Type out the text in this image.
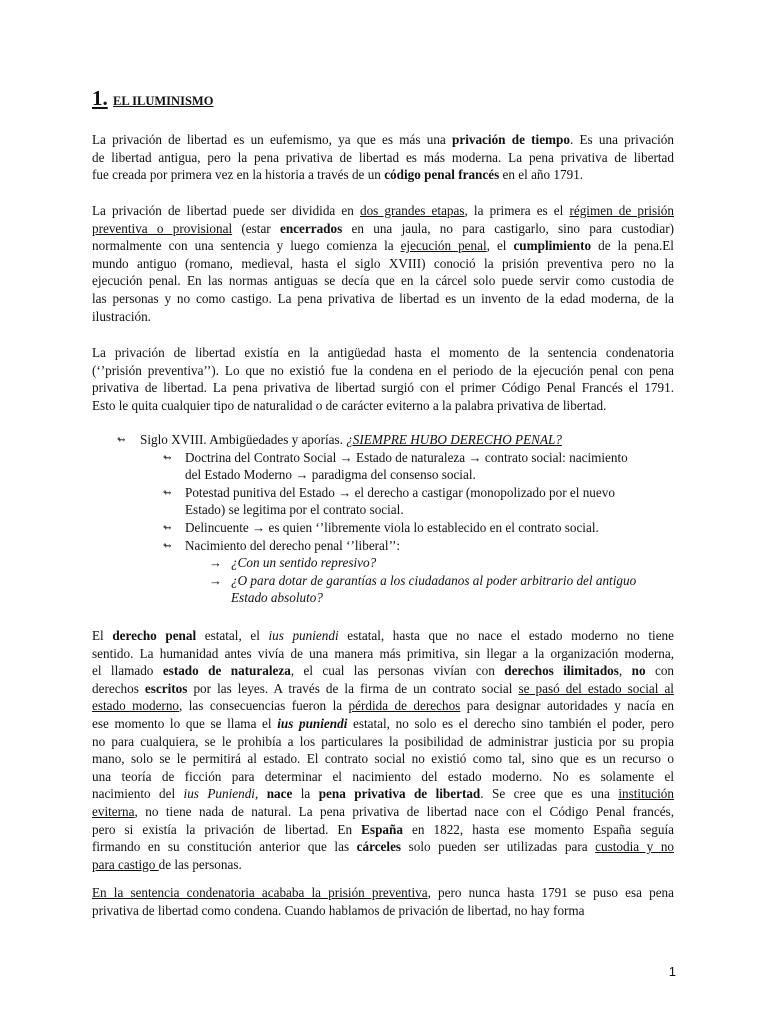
1. EL ILUMINISMO
La privación de libertad es un eufemismo, ya que es más una privación de tiempo. Es una privación
de libertad antigua, pero la pena privativa de libertad es más moderna. La pena privativa de libertad
fue creada por primera vez en la historia a través de un código penal francés en el año 1791.
La privación de libertad puede ser dividida en dos grandes etapas, la primera es el régimen de prisión
preventiva o provisional (estar encerrados en una jaula, no para castigarlo, sino para custodiar)
normalmente con una sentencia y luego comienza la ejecución penal, el cumplimiento de la pena.El
mundo antiguo (romano, medieval, hasta el siglo XVIII) conoció la prisión preventiva pero no la
ejecución penal. En las normas antiguas se decía que en la cárcel solo puede servir como custodia de
las personas y no como castigo. La pena privativa de libertad es un invento de la edad moderna, de la
ilustración.
La privación de libertad existía en la antigüedad hasta el momento de la sentencia condenatoria
(‘’prisión preventiva’’). Lo que no existió fue la condena en el periodo de la ejecución penal con pena
privativa de libertad. La pena privativa de libertad surgió con el primer Código Penal Francés el 1791.
Esto le quita cualquier tipo de naturalidad o de carácter eviterno a la palabra privativa de libertad.
↬ Siglo XVIII. Ambigüedades y aporías. ¿SIEMPRE HUBO DERECHO PENAL?
↬ Doctrina del Contrato Social → Estado de naturaleza → contrato social: nacimiento
del Estado Moderno → paradigma del consenso social.
↬ Potestad punitiva del Estado → el derecho a castigar (monopolizado por el nuevo
Estado) se legitima por el contrato social.
↬ Delincuente → es quien ‘’libremente viola lo establecido en el contrato social.
↬ Nacimiento del derecho penal ‘’liberal’’:
→ ¿Con un sentido represivo?
→ ¿O para dotar de garantías a los ciudadanos al poder arbitrario del antiguo
Estado absoluto?
El derecho penal estatal, el ius puniendi estatal, hasta que no nace el estado moderno no tiene
sentido. La humanidad antes vivía de una manera más primitiva, sin llegar a la organización moderna,
el llamado estado de naturaleza, el cual las personas vivían con derechos ilimitados, no con
derechos escritos por las leyes. A través de la firma de un contrato social se pasó del estado social al
estado moderno, las consecuencias fueron la pérdida de derechos para designar autoridades y nacía en
ese momento lo que se llama el ius puniendi estatal, no solo es el derecho sino también el poder, pero
no para cualquiera, se le prohibía a los particulares la posibilidad de administrar justicia por su propia
mano, solo se le permitirá al estado. El contrato social no existió como tal, sino que es un recurso o
una teoría de ficción para determinar el nacimiento del estado moderno. No es solamente el
nacimiento del ius Puniendi, nace la pena privativa de libertad. Se cree que es una institución
eviterna, no tiene nada de natural. La pena privativa de libertad nace con el Código Penal francés,
pero si existía la privación de libertad. En España en 1822, hasta ese momento España seguía
firmando en su constitución anterior que las cárceles solo pueden ser utilizadas para custodia y no
para castigo de las personas.
En la sentencia condenatoria acababa la prisión preventiva, pero nunca hasta 1791 se puso esa pena
privativa de libertad como condena. Cuando hablamos de privación de libertad, no hay forma
1
